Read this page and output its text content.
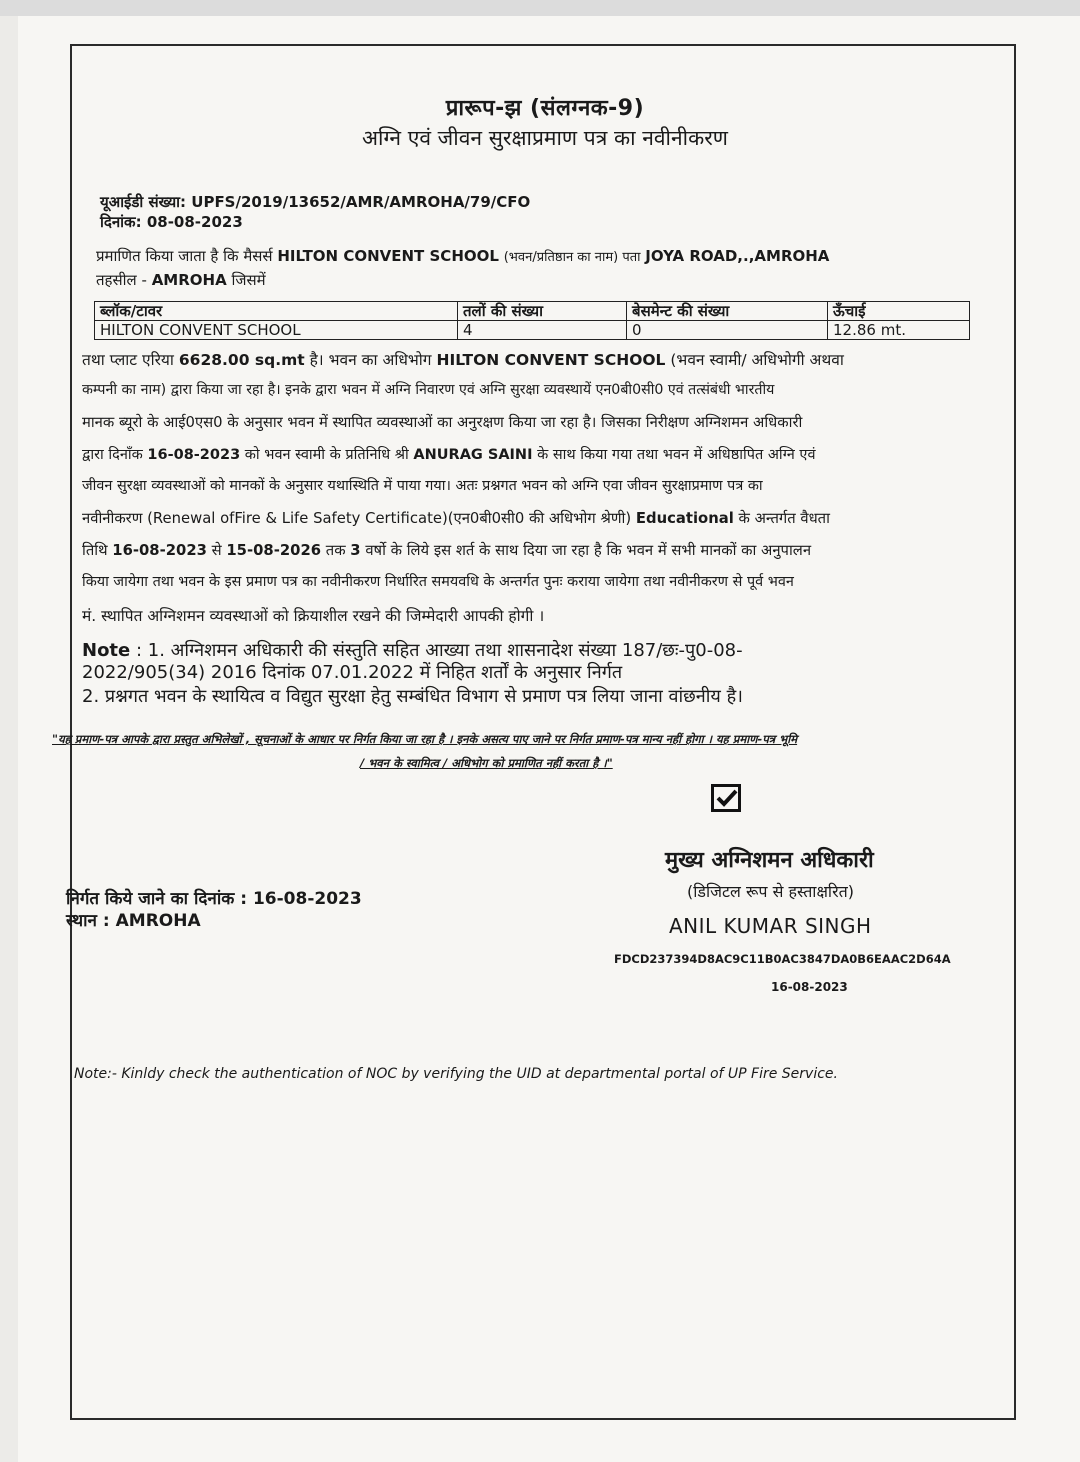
प्रारूप-झ (संलग्नक-9)
अग्नि एवं जीवन सुरक्षाप्रमाण पत्र का नवीनीकरण
यूआईडी संख्या: UPFS/2019/13652/AMR/AMROHA/79/CFO
दिनांक: 08-08-2023
प्रमाणित किया जाता है कि मैसर्स HILTON CONVENT SCHOOL (भवन/प्रतिष्ठान का नाम) पता JOYA ROAD,.,AMROHA
तहसील - AMROHA जिसमें
ब्लॉक/टावर	तलों की संख्या	बेसमेन्ट की संख्या	ऊँचाई
HILTON CONVENT SCHOOL	4	0	12.86 mt.
तथा प्लाट एरिया 6628.00 sq.mt है। भवन का अधिभोग HILTON CONVENT SCHOOL (भवन स्वामी/ अधिभोगी अथवा
कम्पनी का नाम) द्वारा किया जा रहा है। इनके द्वारा भवन में अग्नि निवारण एवं अग्नि सुरक्षा व्यवस्थायें एन0बी0सी0 एवं तत्संबंधी भारतीय
मानक ब्यूरो के आई0एस0 के अनुसार भवन में स्थापित व्यवस्थाओं का अनुरक्षण किया जा रहा है। जिसका निरीक्षण अग्निशमन अधिकारी
द्वारा दिनाँक 16-08-2023 को भवन स्वामी के प्रतिनिधि श्री ANURAG SAINI के साथ किया गया तथा भवन में अधिष्ठापित अग्नि एवं
जीवन सुरक्षा व्यवस्थाओं को मानकों के अनुसार यथास्थिति में पाया गया। अतः प्रश्नगत भवन को अग्नि एवा जीवन सुरक्षाप्रमाण पत्र का
नवीनीकरण (Renewal ofFire & Life Safety Certificate)(एन0बी0सी0 की अधिभोग श्रेणी) Educational के अन्तर्गत वैधता
तिथि 16-08-2023 से 15-08-2026 तक 3 वर्षो के लिये इस शर्त के साथ दिया जा रहा है कि भवन में सभी मानकों का अनुपालन
किया जायेगा तथा भवन के इस प्रमाण पत्र का नवीनीकरण निर्धारित समयवधि के अन्तर्गत पुनः कराया जायेगा तथा नवीनीकरण से पूर्व भवन
मं. स्थापित अग्निशमन व्यवस्थाओं को क्रियाशील रखने की जिम्मेदारी आपकी होगी ।
Note : 1. अग्निशमन अधिकारी की संस्तुति सहित आख्या तथा शासनादेश संख्या 187/छः-पु0-08-
2022/905(34) 2016 दिनांक 07.01.2022 में निहित शर्तों के अनुसार निर्गत
2. प्रश्नगत भवन के स्थायित्व व विद्युत सुरक्षा हेतु सम्बंधित विभाग से प्रमाण पत्र लिया जाना वांछनीय है।
"यह प्रमाण-पत्र आपके द्वारा प्रस्तुत अभिलेखों , सूचनाओं के आधार पर निर्गत किया जा रहा है । इनके असत्य पाए जाने पर निर्गत प्रमाण-पत्र मान्य नहीं होगा । यह प्रमाण-पत्र भूमि
/ भवन के स्वामित्व / अधिभोग को प्रमाणित नहीं करता है ।"
मुख्य अग्निशमन अधिकारी
(डिजिटल रूप से हस्ताक्षरित)
ANIL KUMAR SINGH
FDCD237394D8AC9C11B0AC3847DA0B6EAAC2D64A
16-08-2023
निर्गत किये जाने का दिनांक : 16-08-2023
स्थान : AMROHA
Note:- Kinldy check the authentication of NOC by verifying the UID at departmental portal of UP Fire Service.
